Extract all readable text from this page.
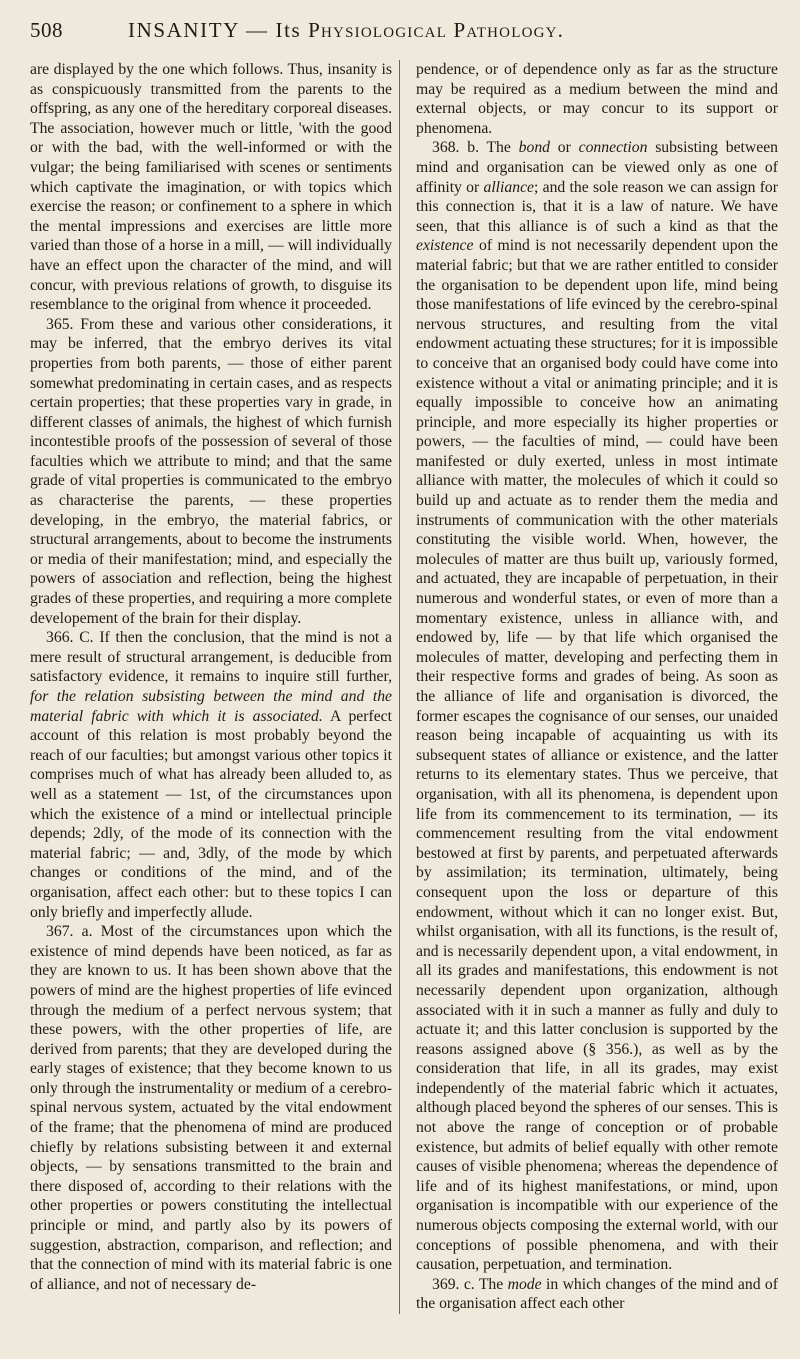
508	INSANITY — Its Physiological Pathology.

are displayed by the one which follows. Thus, insanity is as conspicuously transmitted from the parents to the offspring, as any one of the hereditary corporeal diseases. The association, however much or little, 'with the good or with the bad, with the well-informed or with the vulgar; the being familiarised with scenes or sentiments which captivate the imagination, or with topics which exercise the reason; or confinement to a sphere in which the mental impressions and exercises are little more varied than those of a horse in a mill, — will individually have an effect upon the character of the mind, and will concur, with previous relations of growth, to disguise its resemblance to the original from whence it proceeded.

365. From these and various other considerations, it may be inferred, that the embryo derives its vital properties from both parents, — those of either parent somewhat predominating in certain cases, and as respects certain properties; that these properties vary in grade, in different classes of animals, the highest of which furnish incontestible proofs of the possession of several of those faculties which we attribute to mind; and that the same grade of vital properties is communicated to the embryo as characterise the parents, — these properties developing, in the embryo, the material fabrics, or structural arrangements, about to become the instruments or media of their manifestation; mind, and especially the powers of association and reflection, being the highest grades of these properties, and requiring a more complete developement of the brain for their display.

366. C. If then the conclusion, that the mind is not a mere result of structural arrangement, is deducible from satisfactory evidence, it remains to inquire still further, for the relation subsisting between the mind and the material fabric with which it is associated. A perfect account of this relation is most probably beyond the reach of our faculties; but amongst various other topics it comprises much of what has already been alluded to, as well as a statement — 1st, of the circumstances upon which the existence of a mind or intellectual principle depends; 2dly, of the mode of its connection with the material fabric; — and, 3dly, of the mode by which changes or conditions of the mind, and of the organisation, affect each other: but to these topics I can only briefly and imperfectly allude.

367. a. Most of the circumstances upon which the existence of mind depends have been noticed, as far as they are known to us. It has been shown above that the powers of mind are the highest properties of life evinced through the medium of a perfect nervous system; that these powers, with the other properties of life, are derived from parents; that they are developed during the early stages of existence; that they become known to us only through the instrumentality or medium of a cerebro-spinal nervous system, actuated by the vital endowment of the frame; that the phenomena of mind are produced chiefly by relations subsisting between it and external objects, — by sensations transmitted to the brain and there disposed of, according to their relations with the other properties or powers constituting the intellectual principle or mind, and partly also by its powers of suggestion, abstraction, comparison, and reflection; and that the connection of mind with its material fabric is one of alliance, and not of necessary de-

pendence, or of dependence only as far as the structure may be required as a medium between the mind and external objects, or may concur to its support or phenomena.

368. b. The bond or connection subsisting between mind and organisation can be viewed only as one of affinity or alliance; and the sole reason we can assign for this connection is, that it is a law of nature. We have seen, that this alliance is of such a kind as that the existence of mind is not necessarily dependent upon the material fabric; but that we are rather entitled to consider the organisation to be dependent upon life, mind being those manifestations of life evinced by the cerebro-spinal nervous structures, and resulting from the vital endowment actuating these structures; for it is impossible to conceive that an organised body could have come into existence without a vital or animating principle; and it is equally impossible to conceive how an animating principle, and more especially its higher properties or powers, — the faculties of mind, — could have been manifested or duly exerted, unless in most intimate alliance with matter, the molecules of which it could so build up and actuate as to render them the media and instruments of communication with the other materials constituting the visible world. When, however, the molecules of matter are thus built up, variously formed, and actuated, they are incapable of perpetuation, in their numerous and wonderful states, or even of more than a momentary existence, unless in alliance with, and endowed by, life — by that life which organised the molecules of matter, developing and perfecting them in their respective forms and grades of being. As soon as the alliance of life and organisation is divorced, the former escapes the cognisance of our senses, our unaided reason being incapable of acquainting us with its subsequent states of alliance or existence, and the latter returns to its elementary states. Thus we perceive, that organisation, with all its phenomena, is dependent upon life from its commencement to its termination, — its commencement resulting from the vital endowment bestowed at first by parents, and perpetuated afterwards by assimilation; its termination, ultimately, being consequent upon the loss or departure of this endowment, without which it can no longer exist. But, whilst organisation, with all its functions, is the result of, and is necessarily dependent upon, a vital endowment, in all its grades and manifestations, this endowment is not necessarily dependent upon organization, although associated with it in such a manner as fully and duly to actuate it; and this latter conclusion is supported by the reasons assigned above (§ 356.), as well as by the consideration that life, in all its grades, may exist independently of the material fabric which it actuates, although placed beyond the spheres of our senses. This is not above the range of conception or of probable existence, but admits of belief equally with other remote causes of visible phenomena; whereas the dependence of life and of its highest manifestations, or mind, upon organisation is incompatible with our experience of the numerous objects composing the external world, with our conceptions of possible phenomena, and with their causation, perpetuation, and termination.

369. c. The mode in which changes of the mind and of the organisation affect each other
